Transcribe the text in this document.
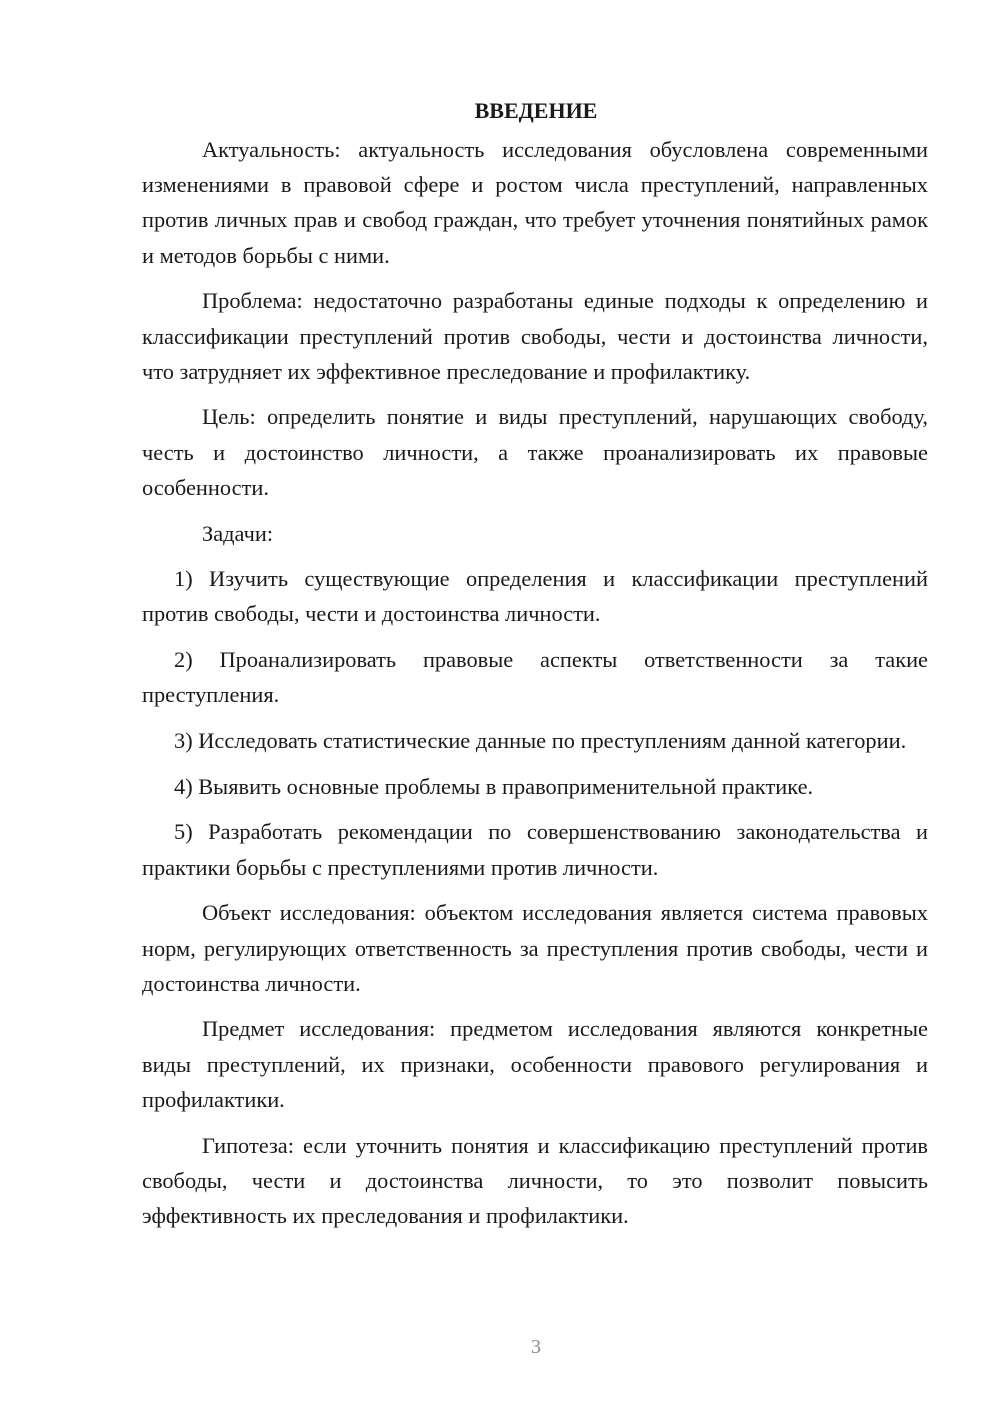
ВВЕДЕНИЕ

Актуальность: актуальность исследования обусловлена современными изменениями в правовой сфере и ростом числа преступлений, направленных против личных прав и свобод граждан, что требует уточнения понятийных рамок и методов борьбы с ними.

Проблема: недостаточно разработаны единые подходы к определению и классификации преступлений против свободы, чести и достоинства личности, что затрудняет их эффективное преследование и профилактику.

Цель: определить понятие и виды преступлений, нарушающих свободу, честь и достоинство личности, а также проанализировать их правовые особенности.

Задачи:

1) Изучить существующие определения и классификации преступлений против свободы, чести и достоинства личности.

2) Проанализировать правовые аспекты ответственности за такие преступления.

3) Исследовать статистические данные по преступлениям данной категории.

4) Выявить основные проблемы в правоприменительной практике.

5) Разработать рекомендации по совершенствованию законодательства и практики борьбы с преступлениями против личности.

Объект исследования: объектом исследования является система правовых норм, регулирующих ответственность за преступления против свободы, чести и достоинства личности.

Предмет исследования: предметом исследования являются конкретные виды преступлений, их признаки, особенности правового регулирования и профилактики.

Гипотеза: если уточнить понятия и классификацию преступлений против свободы, чести и достоинства личности, то это позволит повысить эффективность их преследования и профилактики.

3
